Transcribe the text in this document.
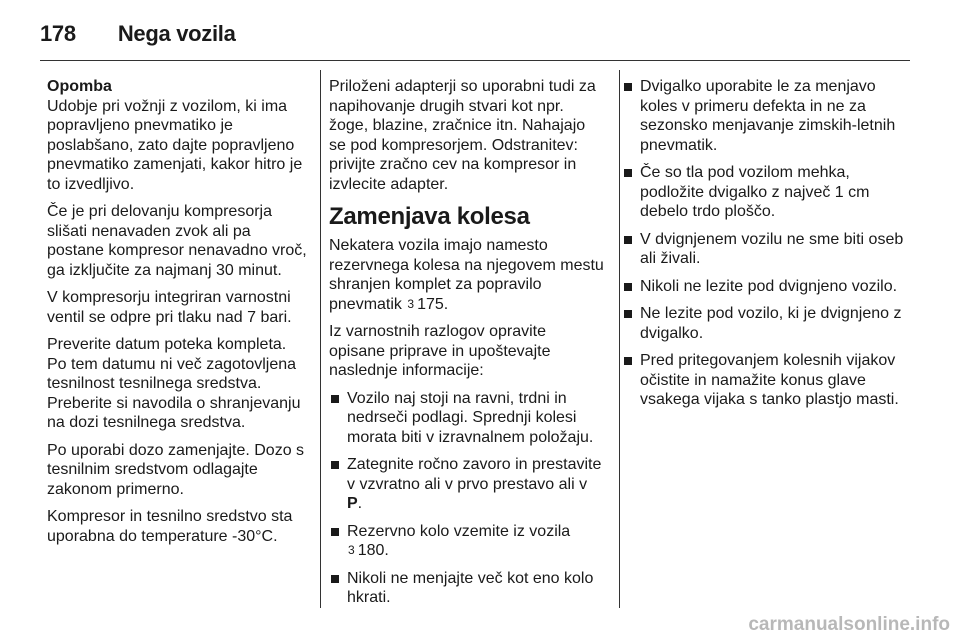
178 Nega vozila
Opomba

Udobje pri vožnji z vozilom, ki ima popravljeno pnevmatiko je poslabšano, zato dajte popravljeno pnevmatiko zamenjati, kakor hitro je to izvedljivo.

Če je pri delovanju kompresorja slišati nenavaden zvok ali pa postane kompresor nenavadno vroč, ga izključite za najmanj 30 minut.

V kompresorju integriran varnostni ventil se odpre pri tlaku nad 7 bari.

Preverite datum poteka kompleta. Po tem datumu ni več zagotovljena tesnilnost tesnilnega sredstva. Preberite si navodila o shranjevanju na dozi tesnilnega sredstva.

Po uporabi dozo zamenjajte. Dozo s tesnilnim sredstvom odlagajte zakonom primerno.

Kompresor in tesnilno sredstvo sta uporabna do temperature -30°C.

Priloženi adapterji so uporabni tudi za napihovanje drugih stvari kot npr. žoge, blazine, zračnice itn. Nahajajo se pod kompresorjem. Odstranitev: privijte zračno cev na kompresor in izvlecite adapter.

Zamenjava kolesa

Nekatera vozila imajo namesto rezervnega kolesa na njegovem mestu shranjen komplet za popravilo pnevmatik 3 175.

Iz varnostnih razlogov opravite opisane priprave in upoštevajte naslednje informacije:

Vozilo naj stoji na ravni, trdni in nedrseči podlagi. Sprednji kolesi morata biti v izravnalnem položaju.
Zategnite ročno zavoro in prestavite v vzvratno ali v prvo prestavo ali v P.
Rezervno kolo vzemite iz vozila
3 180.
Nikoli ne menjajte več kot eno kolo hkrati.
Dvigalko uporabite le za menjavo koles v primeru defekta in ne za sezonsko menjavanje zimskih-letnih pnevmatik.
Če so tla pod vozilom mehka, podložite dvigalko z največ 1 cm debelo trdo ploščo.
V dvignjenem vozilu ne sme biti oseb ali živali.
Nikoli ne lezite pod dvignjeno vozilo.
Ne lezite pod vozilo, ki je dvignjeno z dvigalko.
Pred pritegovanjem kolesnih vijakov očistite in namažite konus glave vsakega vijaka s tanko plastjo masti.
carmanualsonline.info
